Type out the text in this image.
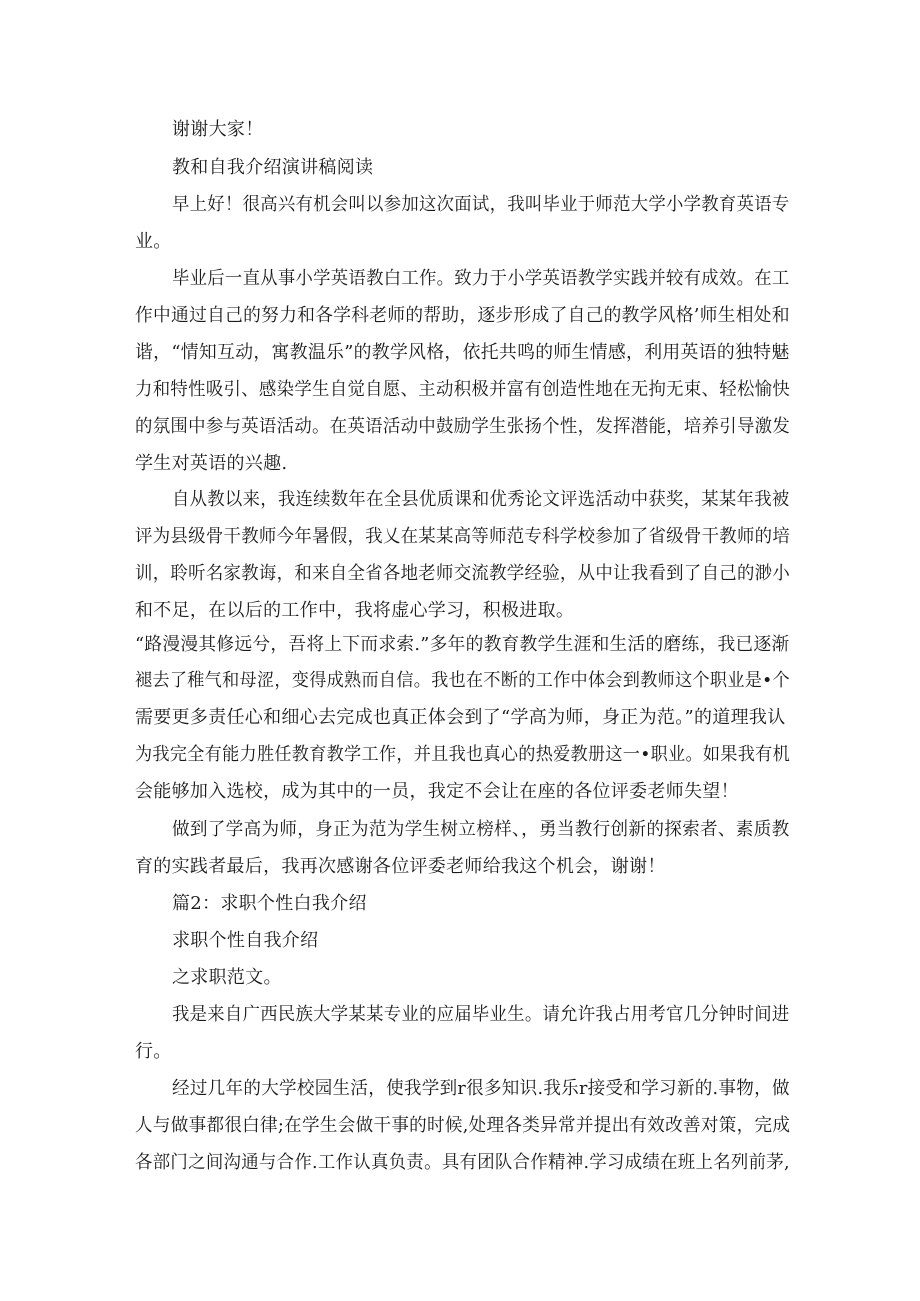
谢谢大家！
教和自我介绍演讲稿阅读
早上好！很高兴有机会叫以参加这次面试，我叫毕业于师范大学小学教育英语专
业。
毕业后一直从事小学英语教白工作。致力于小学英语教学实践并较有成效。在工
作中通过自己的努力和各学科老师的帮助，逐步形成了自己的教学风格’师生相处和
谐，“情知互动，寓教温乐”的教学风格，依托共鸣的师生情感，利用英语的独特魅
力和特性吸引、感染学生自觉自愿、主动积极并富有创造性地在无拘无束、轻松愉快
的氛围中参与英语活动。在英语活动中鼓励学生张扬个性，发挥潜能，培养引导激发
学生对英语的兴趣.
自从教以来，我连续数年在全县优质课和优秀论文评选活动中获奖，某某年我被
评为县级骨干教师今年暑假，我乂在某某高等师范专科学校参加了省级骨干教师的培
训，聆听名家教诲，和来自全省各地老师交流教学经验，从中让我看到了自己的渺小
和不足，在以后的工作中，我将虚心学习，积极进取。
“路漫漫其修远兮，吾将上下而求索.”多年的教育教学生涯和生活的磨练，我已逐渐
褪去了稚气和母涩，变得成熟而自信。我也在不断的工作中体会到教师这个职业是•个
需要更多责任心和细心去完成也真正体会到了“学高为师，身正为范。”的道理我认
为我完全有能力胜任教育教学工作，并且我也真心的热爱教册这一•职业。如果我有机
会能够加入选校，成为其中的一员，我定不会让在座的各位评委老师失望！
做到了学高为师，身正为范为学生树立榜样、，勇当教行创新的探索者、素质教
育的实践者最后，我再次感谢各位评委老师给我这个机会，谢谢！
篇2：求职个性白我介绍
求职个性自我介绍
之求职范文。
我是来自广西民族大学某某专业的应届毕业生。请允许我占用考官几分钟时间进
行。
经过几年的大学校园生活，使我学到r很多知识.我乐r接受和学习新的.事物，做
人与做事都很白律;在学生会做干事的时候,处理各类异常并提出有效改善对策，完成
各部门之间沟通与合作.工作认真负责。具有团队合作精神.学习成绩在班上名列前茅,
